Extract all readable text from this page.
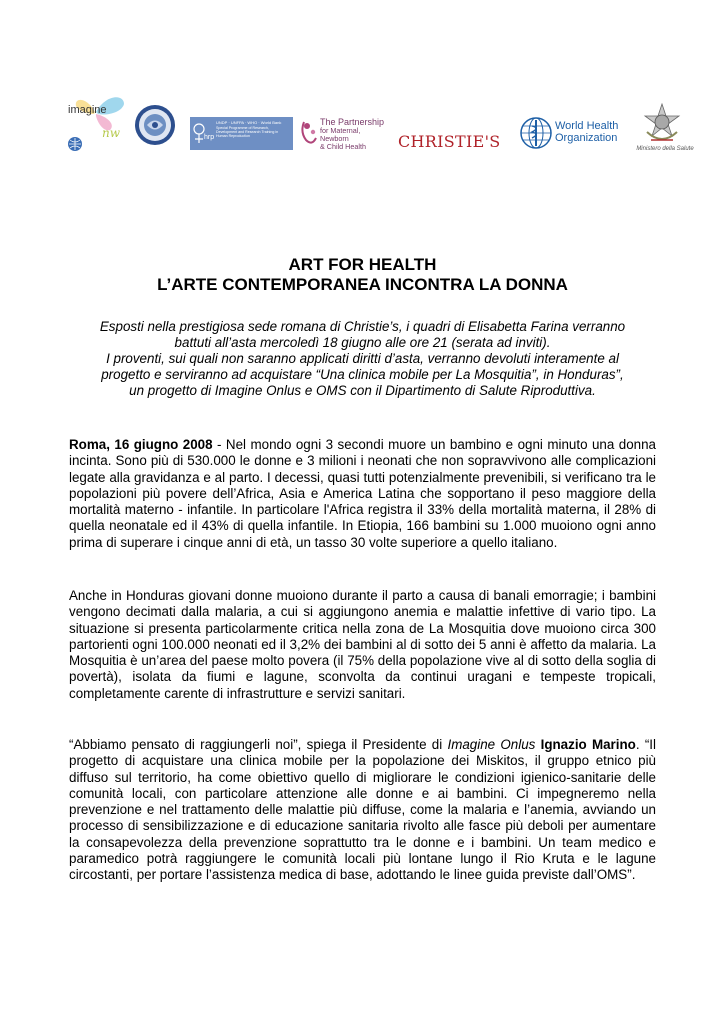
imagine
nw	hrp
UNDP · UNFPA · WHO · World Bank
Special Programme of Research, Development and Research Training in Human Reproduction
The Partnership
for Maternal, Newborn
& Child Health	CHRISTIE'S
World Health
Organization
Ministero della Salute
ART FOR HEALTH
L’ARTE CONTEMPORANEA INCONTRA LA DONNA

Esposti nella prestigiosa sede romana di Christie’s, i quadri di Elisabetta Farina verranno

battuti all’asta mercoledì 18 giugno alle ore 21 (serata ad inviti).

I proventi, sui quali non saranno applicati diritti d’asta, verranno devoluti interamente al

progetto e serviranno ad acquistare “Una clinica mobile per La Mosquitia”, in Honduras”,

un progetto di Imagine Onlus e OMS con il Dipartimento di Salute Riproduttiva.

Roma, 16 giugno 2008 - Nel mondo ogni 3 secondi muore un bambino e ogni minuto una donna incinta. Sono più di 530.000 le donne e 3 milioni i neonati che non sopravvivono alle complicazioni legate alla gravidanza e al parto. I decessi, quasi tutti potenzialmente prevenibili, si verificano tra le popolazioni più povere dell’Africa, Asia e America Latina che sopportano il peso maggiore della mortalità materno - infantile. In particolare l'Africa registra il 33% della mortalità materna, il 28% di quella neonatale ed il 43% di quella infantile. In Etiopia, 166 bambini su 1.000 muoiono ogni anno prima di superare i cinque anni di età, un tasso 30 volte superiore a quello italiano.

Anche in Honduras giovani donne muoiono durante il parto a causa di banali emorragie; i bambini vengono decimati dalla malaria, a cui si aggiungono anemia e malattie infettive di vario tipo. La situazione si presenta particolarmente critica nella zona de La Mosquitia dove muoiono circa 300 partorienti ogni 100.000 neonati ed il 3,2% dei bambini al di sotto dei 5 anni è affetto da malaria. La Mosquitia è un’area del paese molto povera (il 75% della popolazione vive al di sotto della soglia di povertà), isolata da fiumi e lagune, sconvolta da continui uragani e tempeste tropicali, completamente carente di infrastrutture e servizi sanitari.

“Abbiamo pensato di raggiungerli noi”, spiega il Presidente di Imagine Onlus Ignazio Marino. “Il progetto di acquistare una clinica mobile per la popolazione dei Miskitos, il gruppo etnico più diffuso sul territorio, ha come obiettivo quello di migliorare le condizioni igienico-sanitarie delle comunità locali, con particolare attenzione alle donne e ai bambini. Ci impegneremo nella prevenzione e nel trattamento delle malattie più diffuse, come la malaria e l’anemia, avviando un processo di sensibilizzazione e di educazione sanitaria rivolto alle fasce più deboli per aumentare la consapevolezza della prevenzione soprattutto tra le donne e i bambini. Un team medico e paramedico potrà raggiungere le comunità locali più lontane lungo il Rio Kruta e le lagune circostanti, per portare l’assistenza medica di base, adottando le linee guida previste dall’OMS”.
